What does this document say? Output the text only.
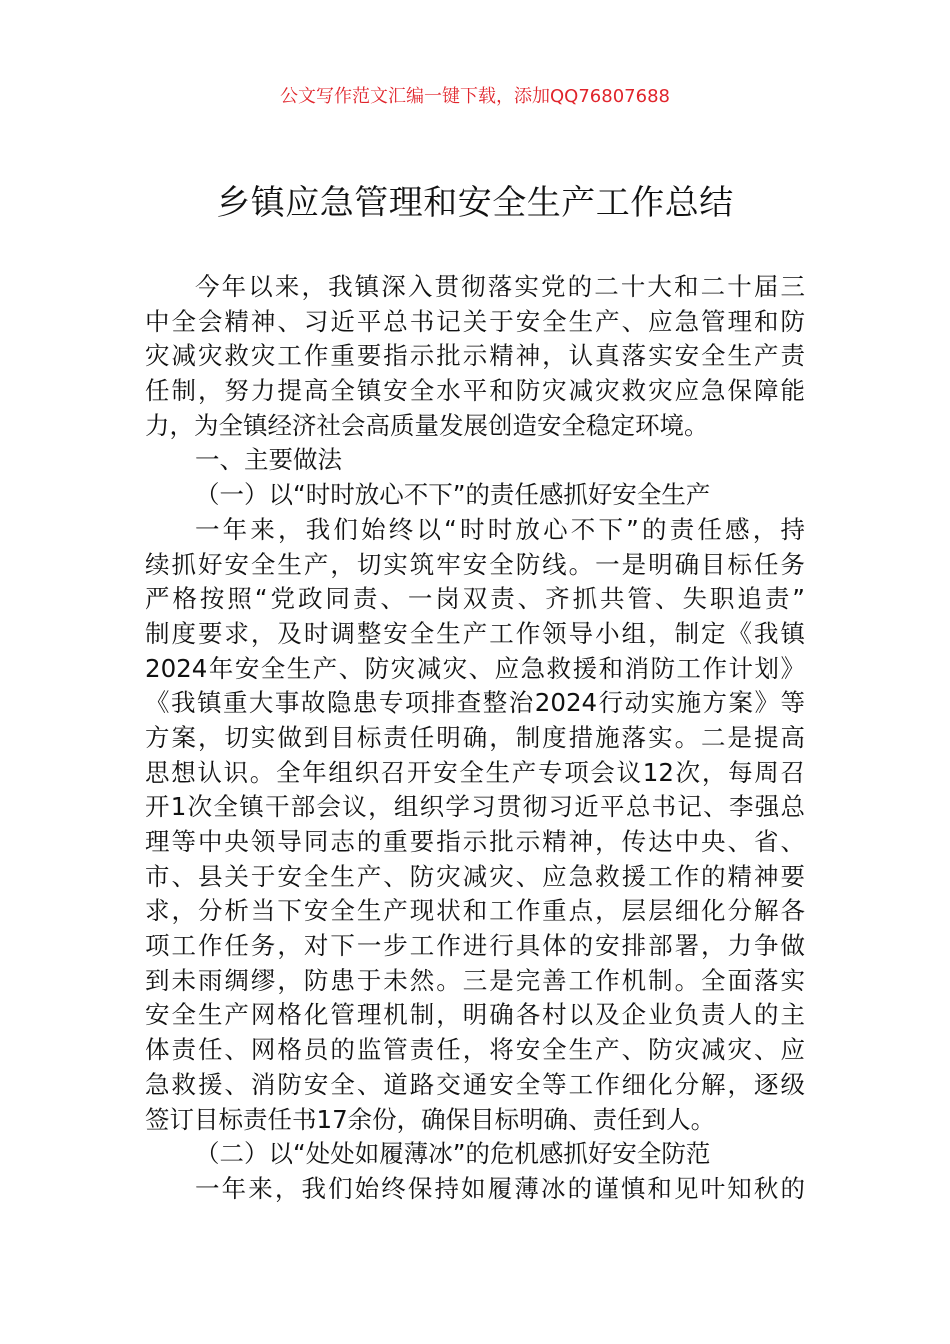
公文写作范文汇编一键下载，添加QQ76807688
乡镇应急管理和安全生产工作总结
今年以来，我镇深入贯彻落实党的二十大和二十届三
中全会精神、习近平总书记关于安全生产、应急管理和防
灾减灾救灾工作重要指示批示精神，认真落实安全生产责
任制，努力提高全镇安全水平和防灾减灾救灾应急保障能
力，为全镇经济社会高质量发展创造安全稳定环境。
一、主要做法
（一）以“时时放心不下”的责任感抓好安全生产
一年来，我们始终以“时时放心不下”的责任感，持
续抓好安全生产，切实筑牢安全防线。一是明确目标任务
严格按照“党政同责、一岗双责、齐抓共管、失职追责”
制度要求，及时调整安全生产工作领导小组，制定《我镇
2024年安全生产、防灾减灾、应急救援和消防工作计划》
《我镇重大事故隐患专项排查整治2024行动实施方案》等
方案，切实做到目标责任明确，制度措施落实。二是提高
思想认识。全年组织召开安全生产专项会议12次，每周召
开1次全镇干部会议，组织学习贯彻习近平总书记、李强总
理等中央领导同志的重要指示批示精神，传达中央、省、
市、县关于安全生产、防灾减灾、应急救援工作的精神要
求，分析当下安全生产现状和工作重点，层层细化分解各
项工作任务，对下一步工作进行具体的安排部署，力争做
到未雨绸缪，防患于未然。三是完善工作机制。全面落实
安全生产网格化管理机制，明确各村以及企业负责人的主
体责任、网格员的监管责任，将安全生产、防灾减灾、应
急救援、消防安全、道路交通安全等工作细化分解，逐级
签订目标责任书17余份，确保目标明确、责任到人。
（二）以“处处如履薄冰”的危机感抓好安全防范
一年来，我们始终保持如履薄冰的谨慎和见叶知秋的
